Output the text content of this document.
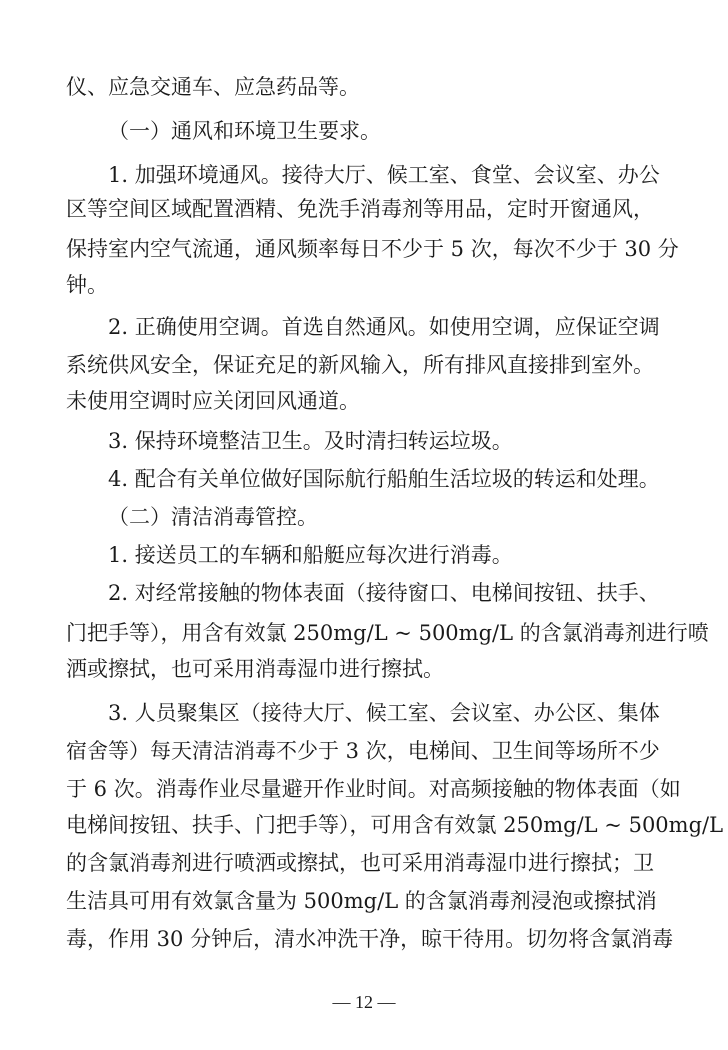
仪、应急交通车、应急药品等。
（一）通风和环境卫生要求。
1. 加强环境通风。接待大厅、候工室、食堂、会议室、办公
区等空间区域配置酒精、免洗手消毒剂等用品，定时开窗通风，
保持室内空气流通，通风频率每日不少于 5 次，每次不少于 30 分
钟。
2. 正确使用空调。首选自然通风。如使用空调，应保证空调
系统供风安全，保证充足的新风输入，所有排风直接排到室外。
未使用空调时应关闭回风通道。
3. 保持环境整洁卫生。及时清扫转运垃圾。
4. 配合有关单位做好国际航行船舶生活垃圾的转运和处理。
（二）清洁消毒管控。
1. 接送员工的车辆和船艇应每次进行消毒。
2. 对经常接触的物体表面（接待窗口、电梯间按钮、扶手、
门把手等），用含有效氯 250mg/L ~ 500mg/L 的含氯消毒剂进行喷
洒或擦拭，也可采用消毒湿巾进行擦拭。
3. 人员聚集区（接待大厅、候工室、会议室、办公区、集体
宿舍等）每天清洁消毒不少于 3 次，电梯间、卫生间等场所不少
于 6 次。消毒作业尽量避开作业时间。对高频接触的物体表面（如
电梯间按钮、扶手、门把手等），可用含有效氯 250mg/L ~ 500mg/L
的含氯消毒剂进行喷洒或擦拭，也可采用消毒湿巾进行擦拭；卫
生洁具可用有效氯含量为 500mg/L 的含氯消毒剂浸泡或擦拭消
毒，作用 30 分钟后，清水冲洗干净，晾干待用。切勿将含氯消毒
— 12 —
